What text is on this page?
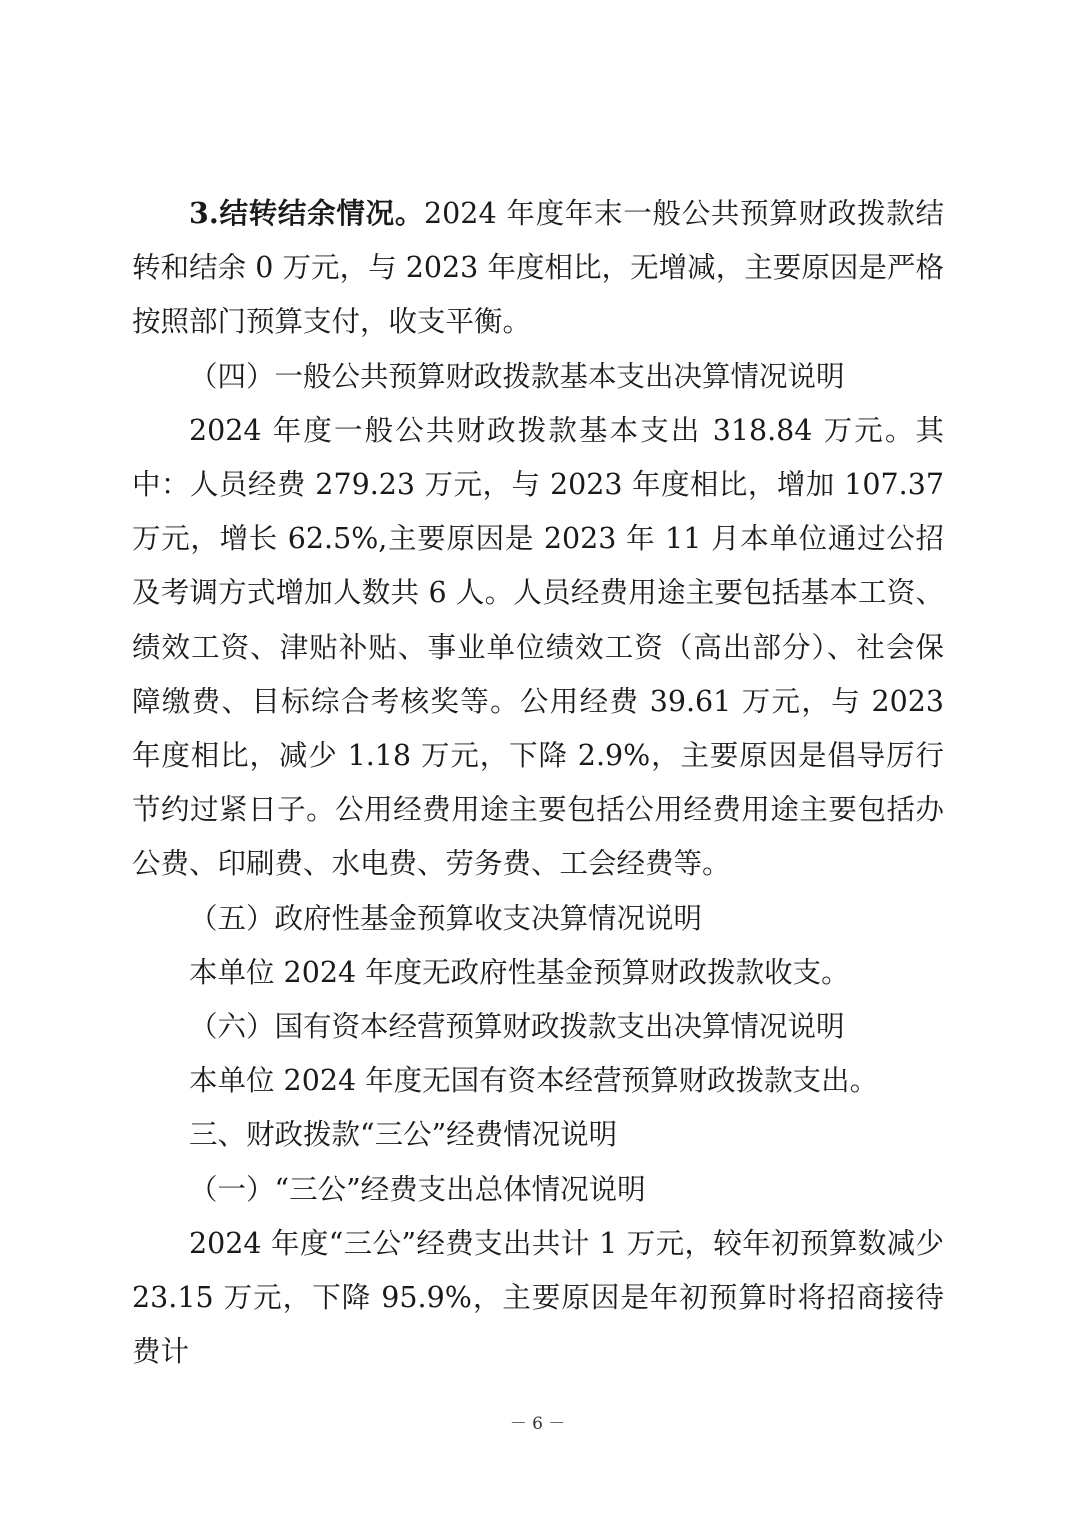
3.结转结余情况。2024 年度年末一般公共预算财政拨款结转和结余 0 万元，与 2023 年度相比，无增减，主要原因是严格按照部门预算支付，收支平衡。

（四）一般公共预算财政拨款基本支出决算情况说明

2024 年度一般公共财政拨款基本支出 318.84 万元。其中：人员经费 279.23 万元，与 2023 年度相比，增加 107.37 万元，增长 62.5%,主要原因是 2023 年 11 月本单位通过公招及考调方式增加人数共 6 人。人员经费用途主要包括基本工资、绩效工资、津贴补贴、事业单位绩效工资（高出部分）、社会保障缴费、目标综合考核奖等。公用经费 39.61 万元，与 2023 年度相比，减少 1.18 万元，下降 2.9%，主要原因是倡导厉行节约过紧日子。公用经费用途主要包括公用经费用途主要包括办公费、印刷费、水电费、劳务费、工会经费等。

（五）政府性基金预算收支决算情况说明

本单位 2024 年度无政府性基金预算财政拨款收支。

（六）国有资本经营预算财政拨款支出决算情况说明

本单位 2024 年度无国有资本经营预算财政拨款支出。

三、财政拨款“三公”经费情况说明

（一）“三公”经费支出总体情况说明

2024 年度“三公”经费支出共计 1 万元，较年初预算数减少 23.15 万元，下降 95.9%，主要原因是年初预算时将招商接待费计

－ 6 －
